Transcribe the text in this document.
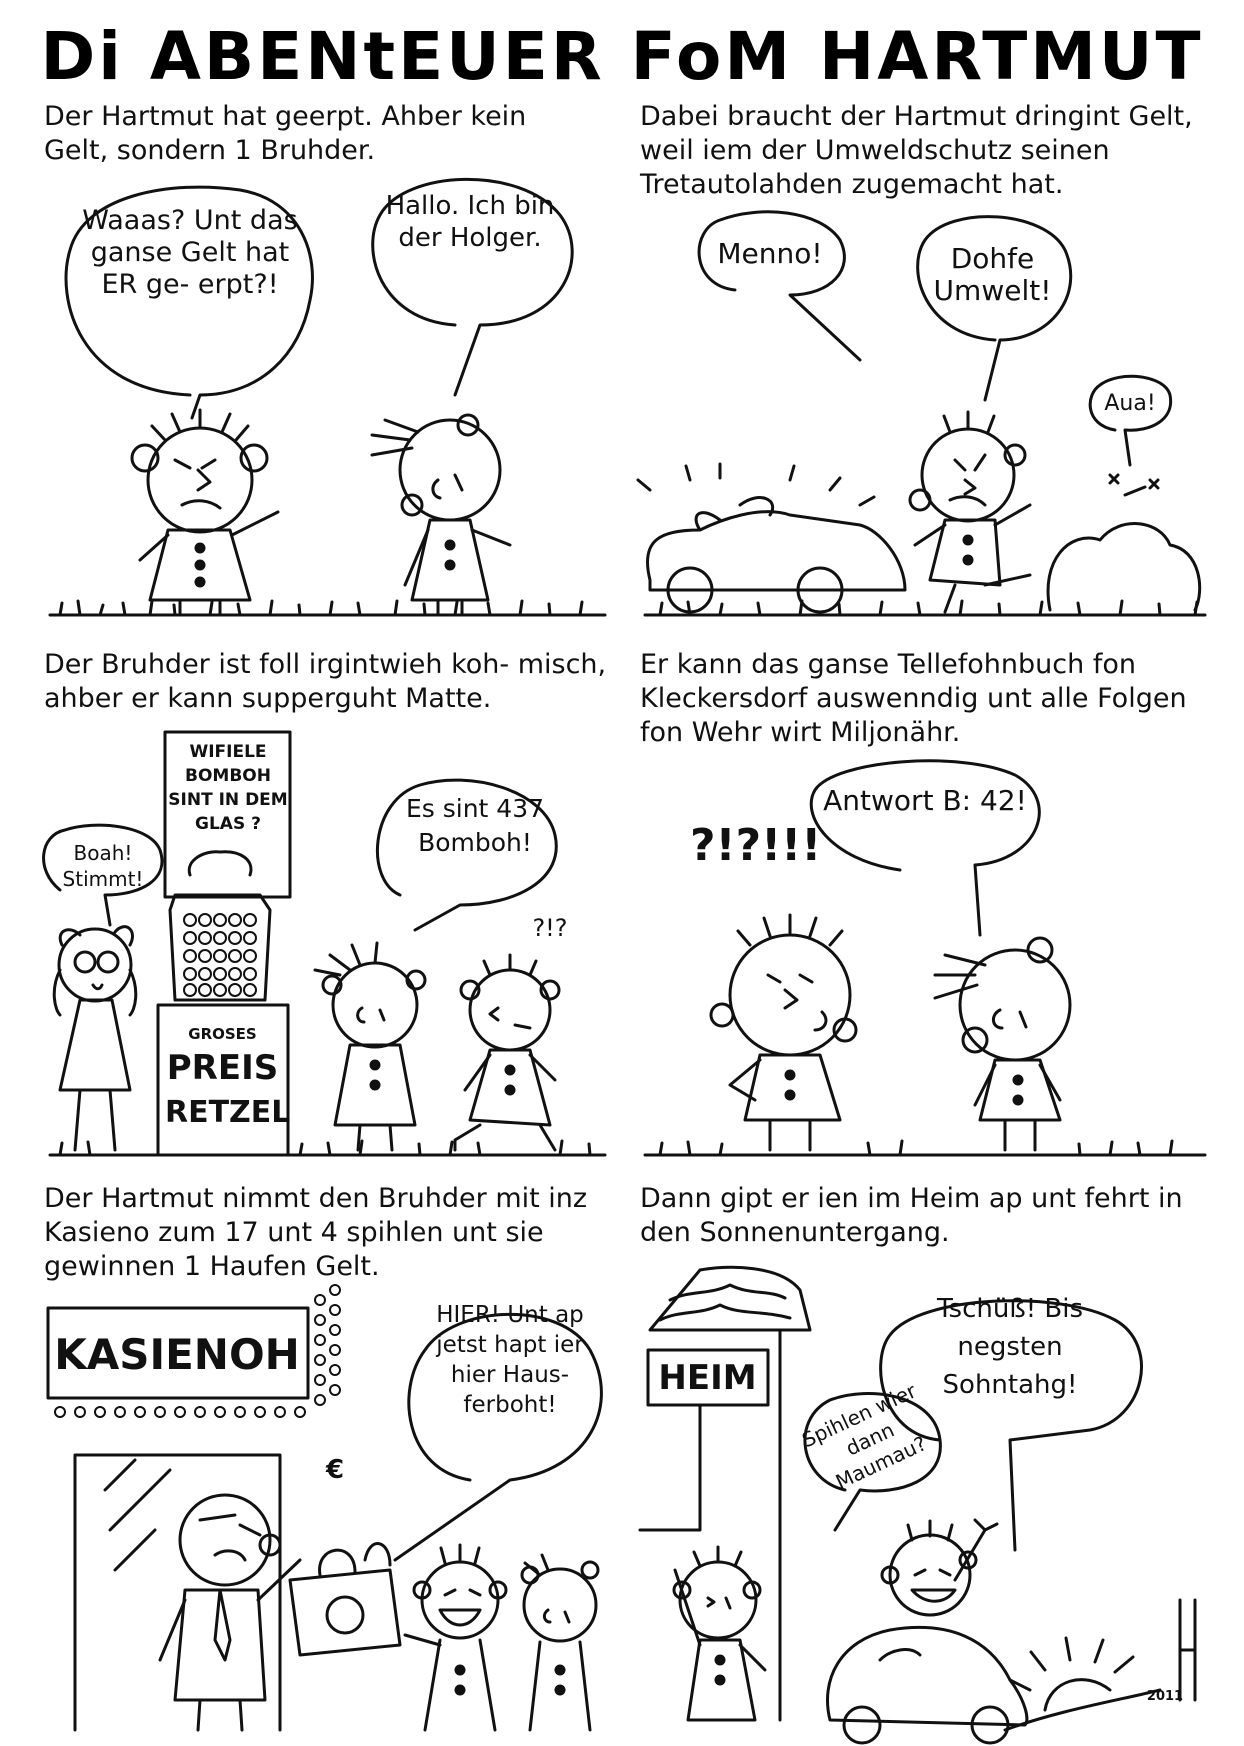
Di ABENtEUER FoM HARTMUT
Der Hartmut hat geerpt. Ahber kein Gelt, sondern 1 Bruhder.
Dabei braucht der Hartmut dringint Gelt, weil iem der Umweldschutz seinen Tretautolahden zugemacht hat.
Der Bruhder ist foll irgintwieh koh- misch, ahber er kann supperguht Matte.
Er kann das ganse Tellefohnbuch fon Kleckersdorf auswenndig unt alle Folgen fon Wehr wirt Miljonähr.
Der Hartmut nimmt den Bruhder mit inz Kasieno zum 17 unt 4 spihlen unt sie gewinnen 1 Haufen Gelt.
Dann gipt er ien im Heim ap unt fehrt in den Sonnenuntergang.
Waaas? Unt das ganse Gelt hat ER ge- erpt?!
Hallo. Ich bin der Holger.	Menno!	Dohfe Umwelt!
Aua!
Boah! Stimmt!
Es sint 437 Bomboh!
?!?
WIFIELE BOMBOH SINT IN DEM GLAS ?
GROSES
PREIS
RETZEL
Antwort B: 42!
?!?!!!
HIER! Unt ap jetst hapt ier hier Haus- ferboht!
KASIENOH
€
Tschüß! Bis negsten Sohntahg!
Spihlen wier dann Maumau?
HEIM
2011
